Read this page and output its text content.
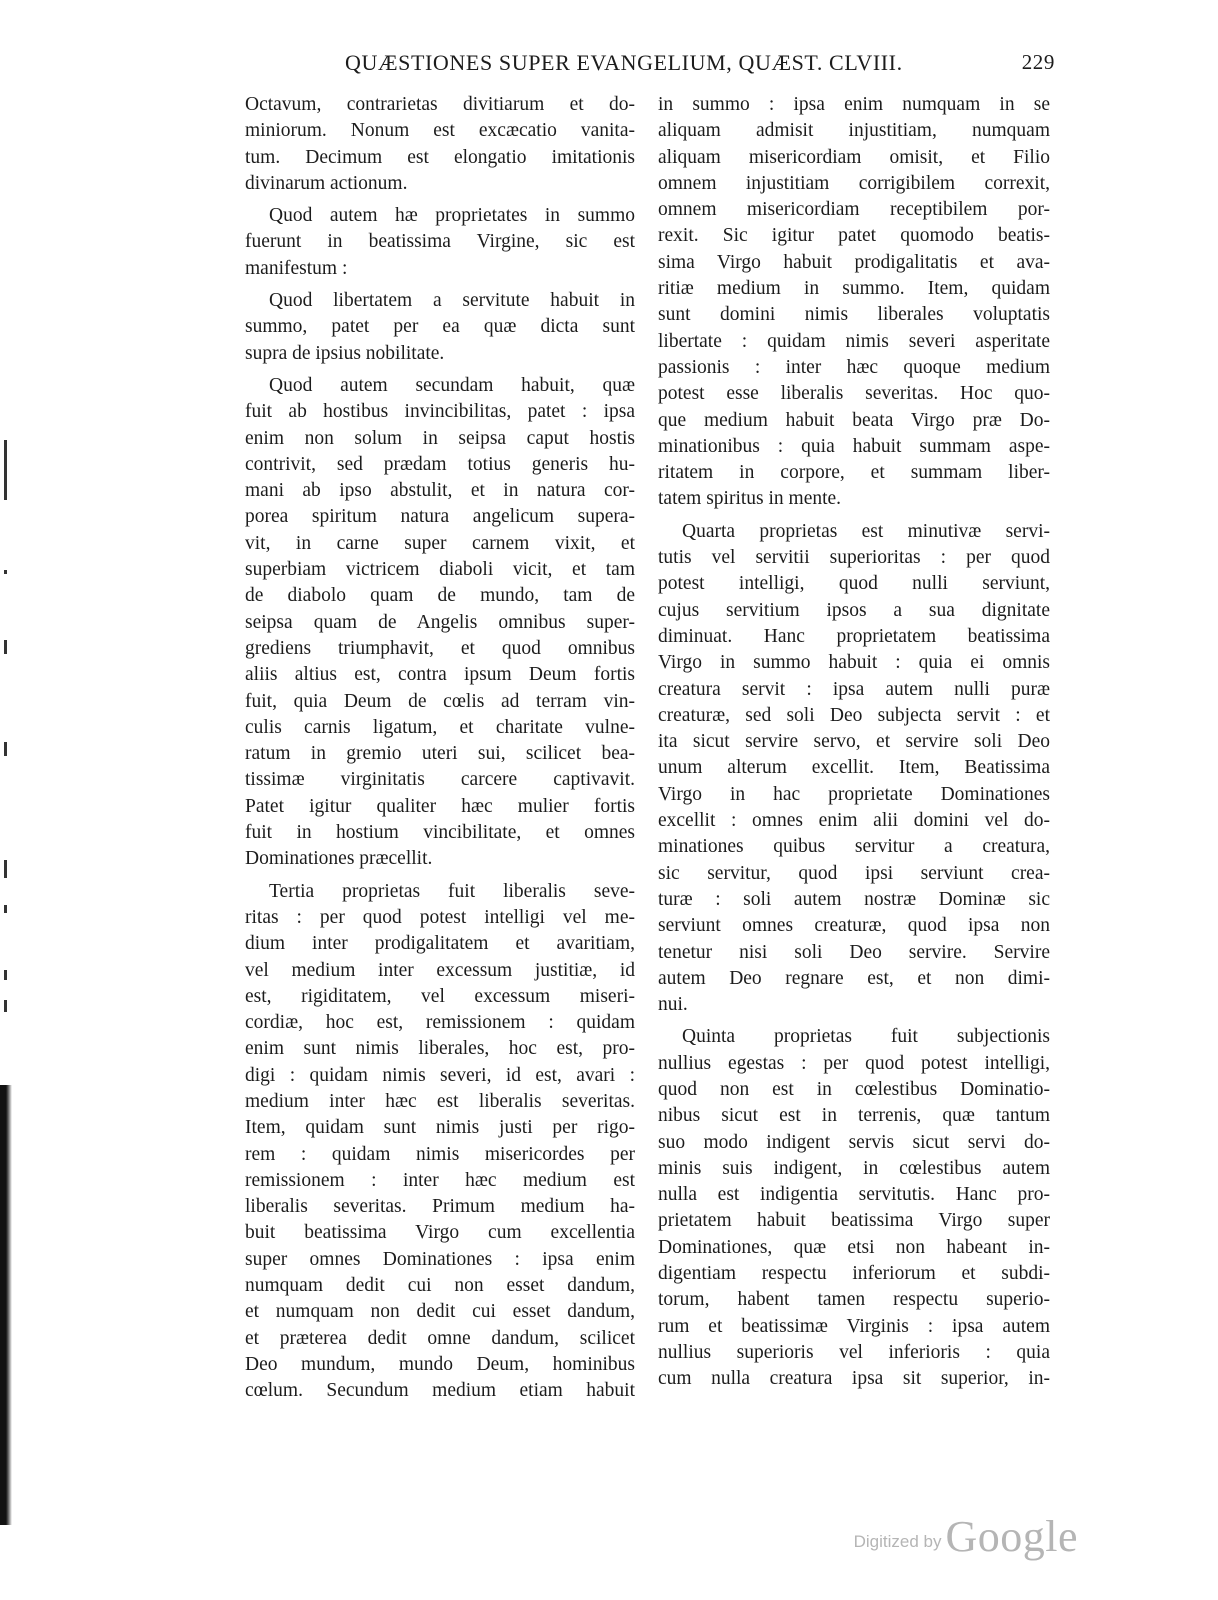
QUÆSTIONES SUPER EVANGELIUM, QUÆST. CLVIII.	229
Octavum, contrarietas divitiarum et do-
miniorum. Nonum est excæcatio vanita-
tum. Decimum est elongatio imitationis
divinarum actionum.
Quod autem hæ proprietates in summo
fuerunt in beatissima Virgine, sic est
manifestum :
Quod libertatem a servitute habuit in
summo, patet per ea quæ dicta sunt
supra de ipsius nobilitate.
Quod autem secundam habuit, quæ
fuit ab hostibus invincibilitas, patet : ipsa
enim non solum in seipsa caput hostis
contrivit, sed prædam totius generis hu-
mani ab ipso abstulit, et in natura cor-
porea spiritum natura angelicum supera-
vit, in carne super carnem vixit, et
superbiam victricem diaboli vicit, et tam
de diabolo quam de mundo, tam de
seipsa quam de Angelis omnibus super-
grediens triumphavit, et quod omnibus
aliis altius est, contra ipsum Deum fortis
fuit, quia Deum de cœlis ad terram vin-
culis carnis ligatum, et charitate vulne-
ratum in gremio uteri sui, scilicet bea-
tissimæ virginitatis carcere captivavit.
Patet igitur qualiter hæc mulier fortis
fuit in hostium vincibilitate, et omnes
Dominationes præcellit.
Tertia proprietas fuit liberalis seve-
ritas : per quod potest intelligi vel me-
dium inter prodigalitatem et avaritiam,
vel medium inter excessum justitiæ, id
est, rigiditatem, vel excessum miseri-
cordiæ, hoc est, remissionem : quidam
enim sunt nimis liberales, hoc est, pro-
digi : quidam nimis severi, id est, avari :
medium inter hæc est liberalis severitas.
Item, quidam sunt nimis justi per rigo-
rem : quidam nimis misericordes per
remissionem : inter hæc medium est
liberalis severitas. Primum medium ha-
buit beatissima Virgo cum excellentia
super omnes Dominationes : ipsa enim
numquam dedit cui non esset dandum,
et numquam non dedit cui esset dandum,
et præterea dedit omne dandum, scilicet
Deo mundum, mundo Deum, hominibus
cœlum. Secundum medium etiam habuit
in summo : ipsa enim numquam in se
aliquam admisit injustitiam, numquam
aliquam misericordiam omisit, et Filio
omnem injustitiam corrigibilem correxit,
omnem misericordiam receptibilem por-
rexit. Sic igitur patet quomodo beatis-
sima Virgo habuit prodigalitatis et ava-
ritiæ medium in summo. Item, quidam
sunt domini nimis liberales voluptatis
libertate : quidam nimis severi asperitate
passionis : inter hæc quoque medium
potest esse liberalis severitas. Hoc quo-
que medium habuit beata Virgo præ Do-
minationibus : quia habuit summam aspe-
ritatem in corpore, et summam liber-
tatem spiritus in mente.
Quarta proprietas est minutivæ servi-
tutis vel servitii superioritas : per quod
potest intelligi, quod nulli serviunt,
cujus servitium ipsos a sua dignitate
diminuat. Hanc proprietatem beatissima
Virgo in summo habuit : quia ei omnis
creatura servit : ipsa autem nulli puræ
creaturæ, sed soli Deo subjecta servit : et
ita sicut servire servo, et servire soli Deo
unum alterum excellit. Item, Beatissima
Virgo in hac proprietate Dominationes
excellit : omnes enim alii domini vel do-
minationes quibus servitur a creatura,
sic servitur, quod ipsi serviunt crea-
turæ : soli autem nostræ Dominæ sic
serviunt omnes creaturæ, quod ipsa non
tenetur nisi soli Deo servire. Servire
autem Deo regnare est, et non dimi-
nui.
Quinta proprietas fuit subjectionis
nullius egestas : per quod potest intelligi,
quod non est in cœlestibus Dominatio-
nibus sicut est in terrenis, quæ tantum
suo modo indigent servis sicut servi do-
minis suis indigent, in cœlestibus autem
nulla est indigentia servitutis. Hanc pro-
prietatem habuit beatissima Virgo super
Dominationes, quæ etsi non habeant in-
digentiam respectu inferiorum et subdi-
torum, habent tamen respectu superio-
rum et beatissimæ Virginis : ipsa autem
nullius superioris vel inferioris : quia
cum nulla creatura ipsa sit superior, in-
Digitized by Google
